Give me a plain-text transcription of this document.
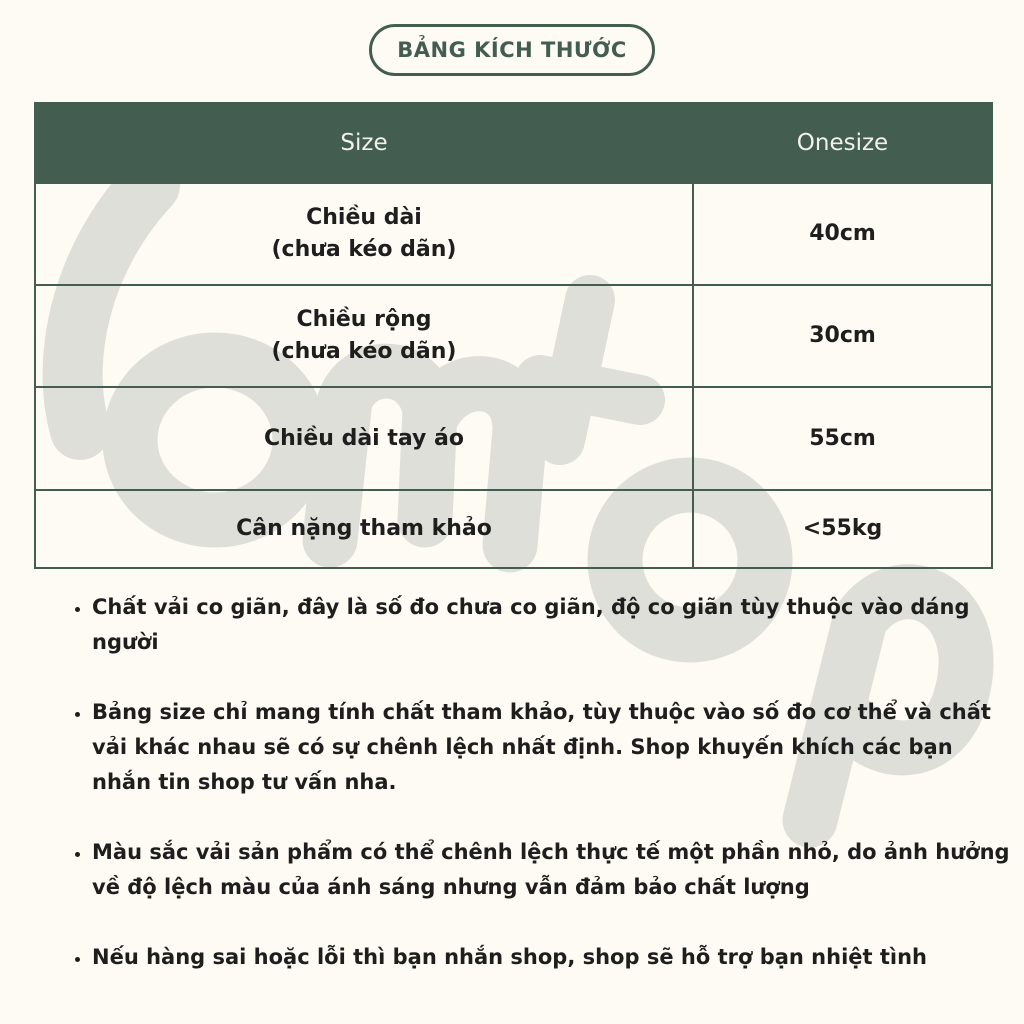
BẢNG KÍCH THƯỚC
Size	Onesize

Chiều dài
(chưa kéo dãn)	40cm

Chiều rộng
(chưa kéo dãn)	30cm
Chiều dài tay áo	55cm
Cân nặng tham khảo	<55kg
• Chất vải co giãn, đây là số đo chưa co giãn, độ co giãn tùy thuộc vào dáng người
• Bảng size chỉ mang tính chất tham khảo, tùy thuộc vào số đo cơ thể và chất vải khác nhau sẽ có sự chênh lệch nhất định. Shop khuyến khích các bạn nhắn tin shop tư vấn nha.
• Màu sắc vải sản phẩm có thể chênh lệch thực tế một phần nhỏ, do ảnh hưởng về độ lệch màu của ánh sáng nhưng vẫn đảm bảo chất lượng
• Nếu hàng sai hoặc lỗi thì bạn nhắn shop, shop sẽ hỗ trợ bạn nhiệt tình
